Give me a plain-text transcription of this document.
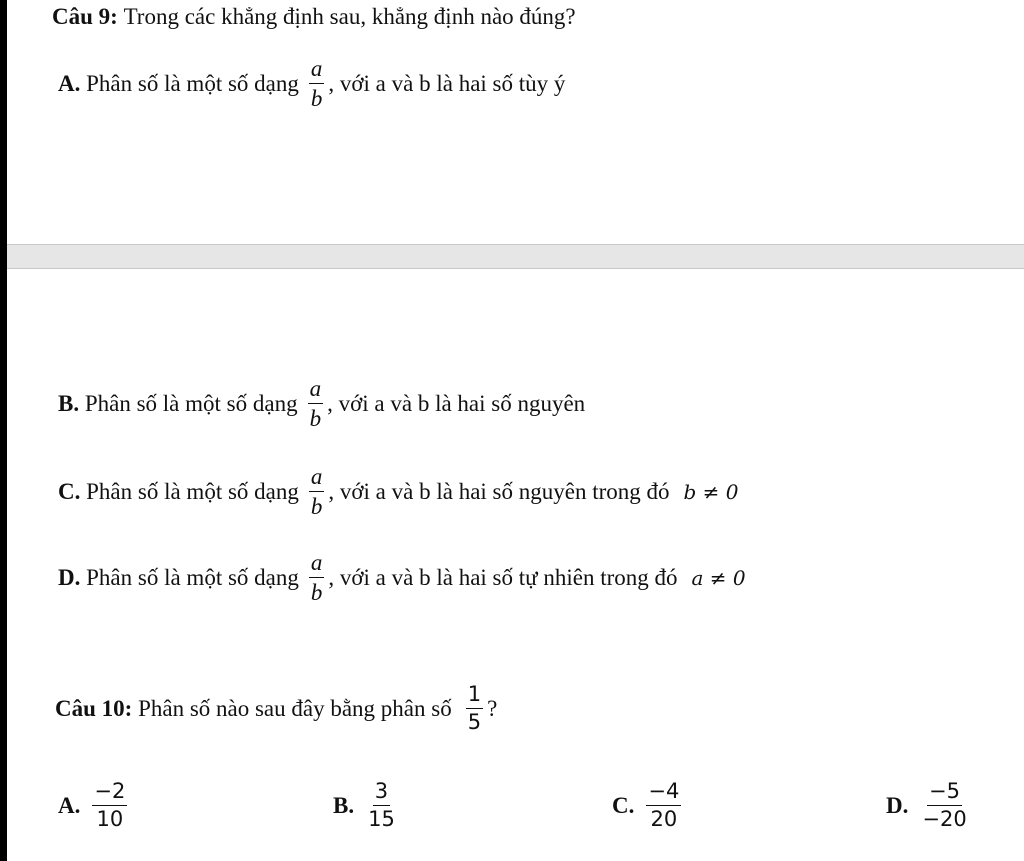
Câu 9:
Trong các khẳng định sau, khẳng định nào đúng?
A.
Phân số là một số dạng $\frac{a}{b}$ , với a và b là hai số tùy ý
B.
Phân số là một số dạng $\frac{a}{b}$ , với a và b là hai số nguyên
C.
Phân số là một số dạng $\frac{a}{b}$ , với a và b là hai số nguyên trong đó b ≠ 0
D.
Phân số là một số dạng $\frac{a}{b}$ , với a và b là hai số tự nhiên trong đó a ≠ 0
Câu 10:
Phân số nào sau đây bằng phân số $\frac{1}{5}$ ?
A. $\frac{-2}{10}$	B. $\frac{3}{15}$	C. $\frac{-4}{20}$	D. $\frac{-5}{-20}$
